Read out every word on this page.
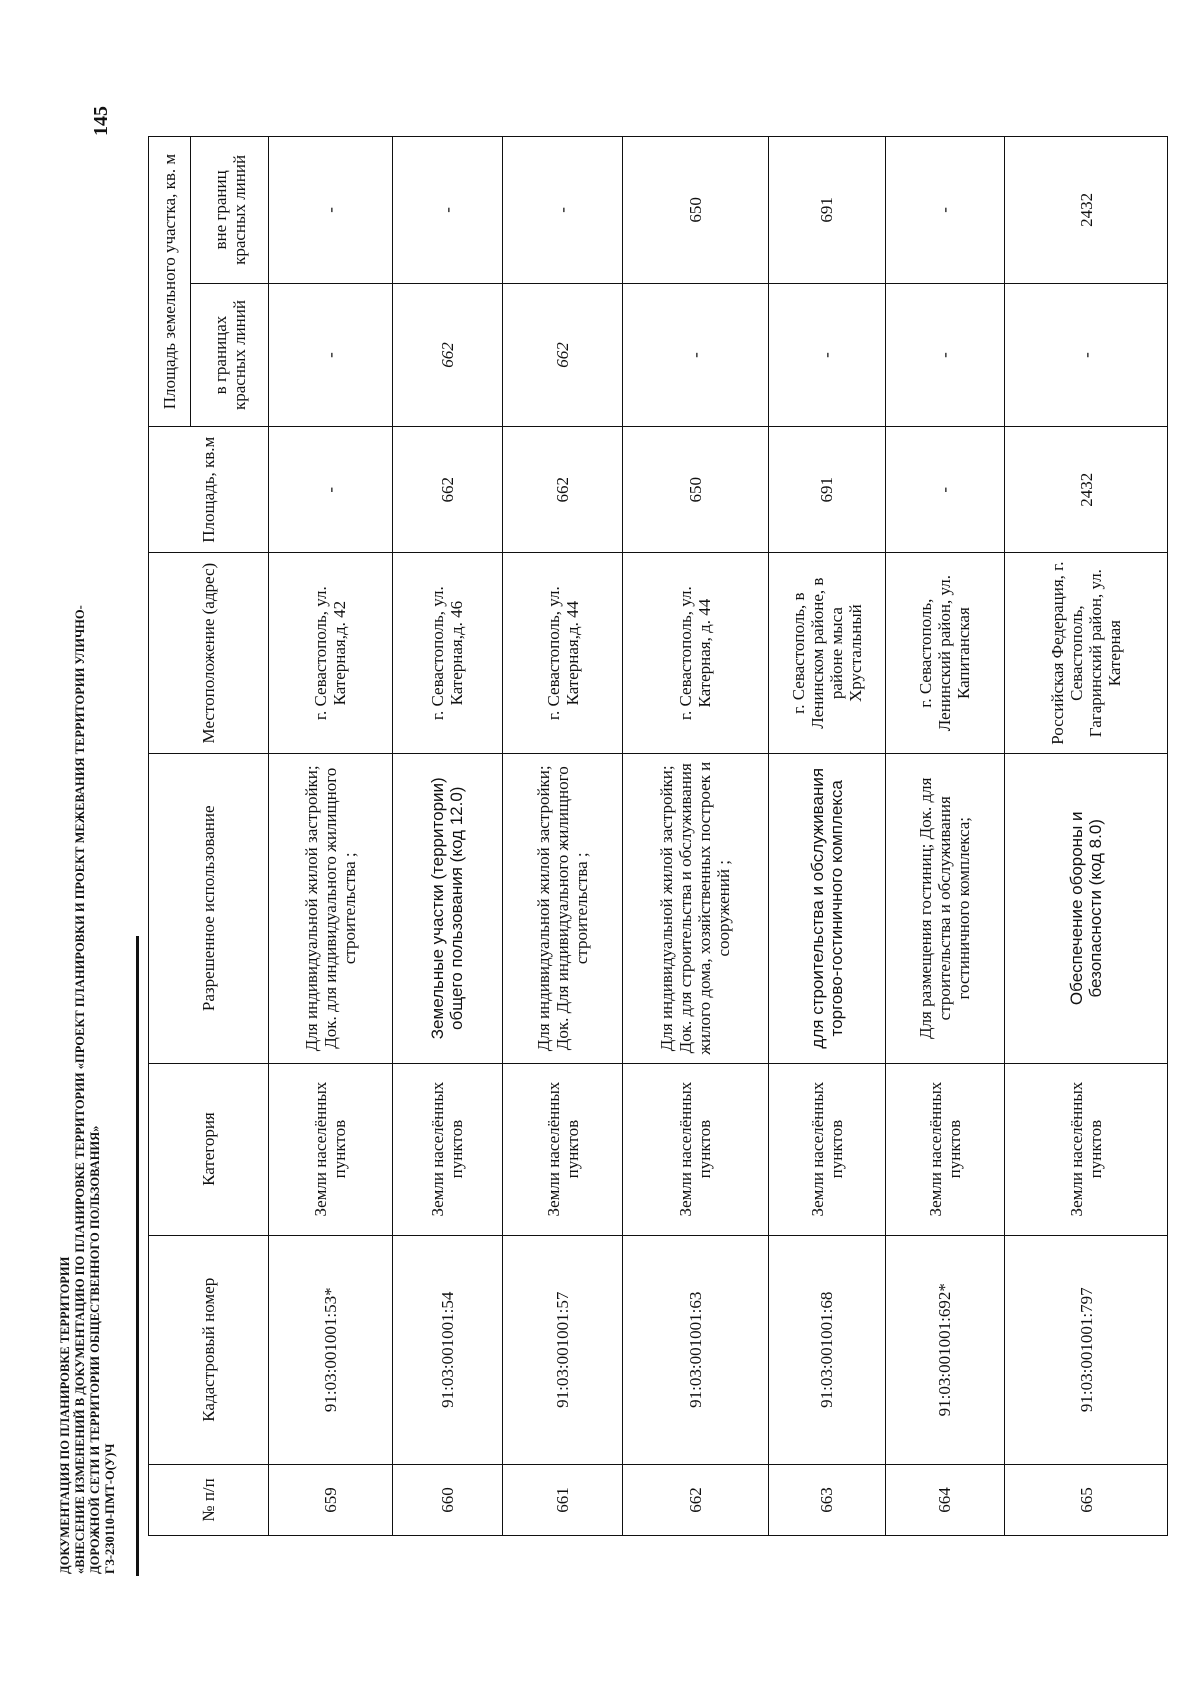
ДОКУМЕНТАЦИЯ ПО ПЛАНИРОВКЕ ТЕРРИТОРИИ «ВНЕСЕНИЕ ИЗМЕНЕНИЙ В ДОКУМЕНТАЦИЮ ПО ПЛАНИРОВКЕ ТЕРРИТОРИИ «ПРОЕКТ ПЛАНИРОВКИ И ПРОЕКТ МЕЖЕВАНИЯ ТЕРРИТОРИИ УЛИЧНО- ДОРОЖНОЙ СЕТИ И ТЕРРИТОРИИ ОБЩЕСТВЕННОГО ПОЛЬЗОВАНИЯ» ГЗ-230110-ПМТ-О(У)Ч
145
№ п/п	Кадастровый номер	Категория	Разрешенное использование	Местоположение (адрес)	Площадь, кв.м	Площадь земельного участка, кв. м	
						в границах красных линий	вне границ красных линий
659	91:03:001001:53*	Земли населённых пунктов	Для индивидуальной жилой застройки; Док. для индивидуального жилищного строительства ;	г. Севастополь, ул. Катерная,д. 42	-	-	-
660	91:03:001001:54	Земли населённых пунктов	Земельные участки (территории) общего пользования (код 12.0)	г. Севастополь, ул. Катерная,д. 46	662	662	-
661	91:03:001001:57	Земли населённых пунктов	Для индивидуальной жилой застройки; Док. Для индивидуального жилищного строительства ;	г. Севастополь, ул. Катерная,д. 44	662	662	-
662	91:03:001001:63	Земли населённых пунктов	Для индивидуальной жилой застройки; Док. для строительства и обслуживания жилого дома, хозяйственных построек и сооружений ;	г. Севастополь, ул. Катерная, д. 44	650	-	650
663	91:03:001001:68	Земли населённых пунктов	для строительства и обслуживания торгово-гостиничного комплекса	г. Севастополь, в Ленинском районе, в районе мыса Хрустальный	691	-	691
664	91:03:001001:692*	Земли населённых пунктов	Для размещения гостиниц; Док. для строительства и обслуживания гостиничного комплекса;	г. Севастополь, Ленинский район, ул. Капитанская	-	-	-
665	91:03:001001:797	Земли населённых пунктов	Обеспечение обороны и безопасности (код 8.0)	Российская Федерация, г. Севастополь, Гагаринский район, ул. Катерная	2432	-	2432
